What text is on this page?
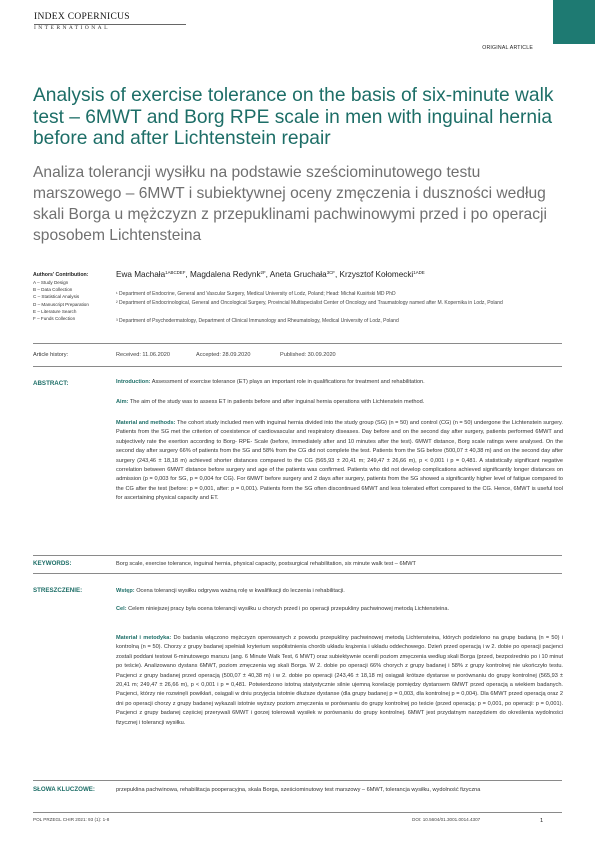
INDEX COPERNICUS
INTERNATIONAL
ORIGINAL ARTICLE
Analysis of exercise tolerance on the basis of six-minute walk test – 6MWT and Borg RPE scale in men with inguinal hernia before and after Lichtenstein repair
Analiza tolerancji wysiłku na podstawie sześciominutowego testu marszowego – 6MWT i subiektywnej oceny zmęczenia i duszności według skali Borga u mężczyzn z przepuklinami pachwinowymi przed i po operacji sposobem Lichtensteina
Authors' Contribution:
A – Study Design
B – Data Collection
C – Statistical Analysis
D – Manuscript Preparation
E – Literature Search
F – Funds Collection
Ewa Machała$^{1ABCDEF}$, Magdalena Redynk$^{2F}$, Aneta Gruchała$^{3CF}$, Krzysztof Kołomecki$^{1ADE}$
¹ Department of Endocrine, General and Vascular Surgery, Medical University of Lodz, Poland; Head: Michał Kusiński MD PhD
² Department of Endocrinological, General and Oncological Surgery, Provincial Multispecialist Center of Oncology and Traumatology named after M. Kopernika in Lodz, Poland
³ Department of Psychodermatology, Department of Clinical Immunology and Rheumatology, Medical University of Lodz, Poland
Article history:	Received: 11.06.2020	Accepted: 28.09.2020	Published: 30.09.2020
ABSTRACT:	Introduction: Assessment of exercise tolerance (ET) plays an important role in qualifications for treatment and rehabilitation.
Aim: The aim of the study was to assess ET in patients before and after inguinal hernia operations with Lichtenstein method.
Material and methods: The cohort study included men with inguinal hernia divided into the study group (SG) (n = 50) and control (CG) (n = 50) undergone the Lichtenstein surgery. Patients from the SG met the criterion of coexistence of cardiovascular and respiratory diseases. Day before and on the second day after surgery, patients performed 6MWT and subjectively rate the exertion according to Borg- RPE- Scale (before, immediately after and 10 minutes after the test). 6MWT distance, Borg scale ratings were analysed. On the second day after surgery 66% of patients from the SG and 58% from the CG did not complete the test. Patients from the SG before (500,07 ± 40,38 m) and on the second day after surgery (243,46 ± 18,18 m) achieved shorter distances compared to the CG (565,93 ± 20,41 m; 249,47 ± 26,66 m), p < 0,001 i p = 0,481. A statistically significant negative correlation between 6MWT distance before surgery and age of the patients was confirmed. Patients who did not develop complications achieved significantly longer distances on admission (p = 0,003 for SG, p = 0,004 for CG). For 6MWT before surgery and 2 days after surgery, patients from the SG showed a significantly higher level of fatigue compared to the CG after the test (before: p = 0,001, after: p = 0,001). Patients form the SG often discontinued 6MWT and less tolerated effort compared to the CG. Hence, 6MWT is useful tool for ascertaining physical capacity and ET.
KEYWORDS:	Borg scale, exercise tolerance, inguinal hernia, physical capacity, postsurgical rehabilitation, six minute walk test – 6MWT
STRESZCZENIE:	Wstęp: Ocena tolerancji wysiłku odgrywa ważną rolę w kwalifikacji do leczenia i rehabilitacji.
Cel: Celem niniejszej pracy była ocena tolerancji wysiłku u chorych przed i po operacji przepukliny pachwinowej metodą Lichtensteina.
Materiał i metodyka: Do badania włączono mężczyzn operowanych z powodu przepukliny pachwinowej metodą Lichtensteina, których podzielono na grupę badaną (n = 50) i kontrolną (n = 50). Chorzy z grupy badanej spełniali kryterium współistnienia chorób układu krążenia i układu oddechowego. Dzień przed operacją i w 2. dobie po operacji pacjenci zostali poddani testowi 6-minutowego marszu (ang. 6 Minute Walk Test, 6 MWT) oraz subiektywnie ocenili poziom zmęczenia według skali Borga (przed, bezpośrednio po i 10 minut po teście). Analizowano dystans 6MWT, poziom zmęczenia wg skali Borga. W 2. dobie po operacji 66% chorych z grupy badanej i 58% z grupy kontrolnej nie ukończyło testu. Pacjenci z grupy badanej przed operacją (500,07 ± 40,38 m) i w 2. dobie po operacji (243,46 ± 18,18 m) osiągali krótsze dystanse w porównaniu do grupy kontrolnej (565,93 ± 20,41 m; 249,47 ± 26,66 m), p < 0,001 i p = 0,481. Potwierdzono istotną statystycznie silnie ujemną korelację pomiędzy dystansem 6MWT przed operacją a wiekiem badanych. Pacjenci, którzy nie rozwinęli powikłań, osiągali w dniu przyjęcia istotnie dłuższe dystanse (dla grupy badanej p = 0,003, dla kontrolnej p = 0,004). Dla 6MWT przed operacją oraz 2 dni po operacji chorzy z grupy badanej wykazali istotnie wyższy poziom zmęczenia w porównaniu do grupy kontrolnej po teście (przed operacją: p = 0,001, po operacji: p = 0,001). Pacjenci z grupy badanej częściej przerywali 6MWT i gorzej tolerowali wysiłek w porównaniu do grupy kontrolnej. 6MWT jest przydatnym narzędziem do określenia wydolności fizycznej i tolerancji wysiłku.
SŁOWA KLUCZOWE:	przepuklina pachwinowa, rehabilitacja pooperacyjna, skala Borga, sześciominutowy test marszowy – 6MWT, tolerancja wysiłku, wydolność fizyczna
POL PRZEGL CHIR 2021: 93 (1): 1-8	DOI: 10.5604/01.3001.0014.4307	1
